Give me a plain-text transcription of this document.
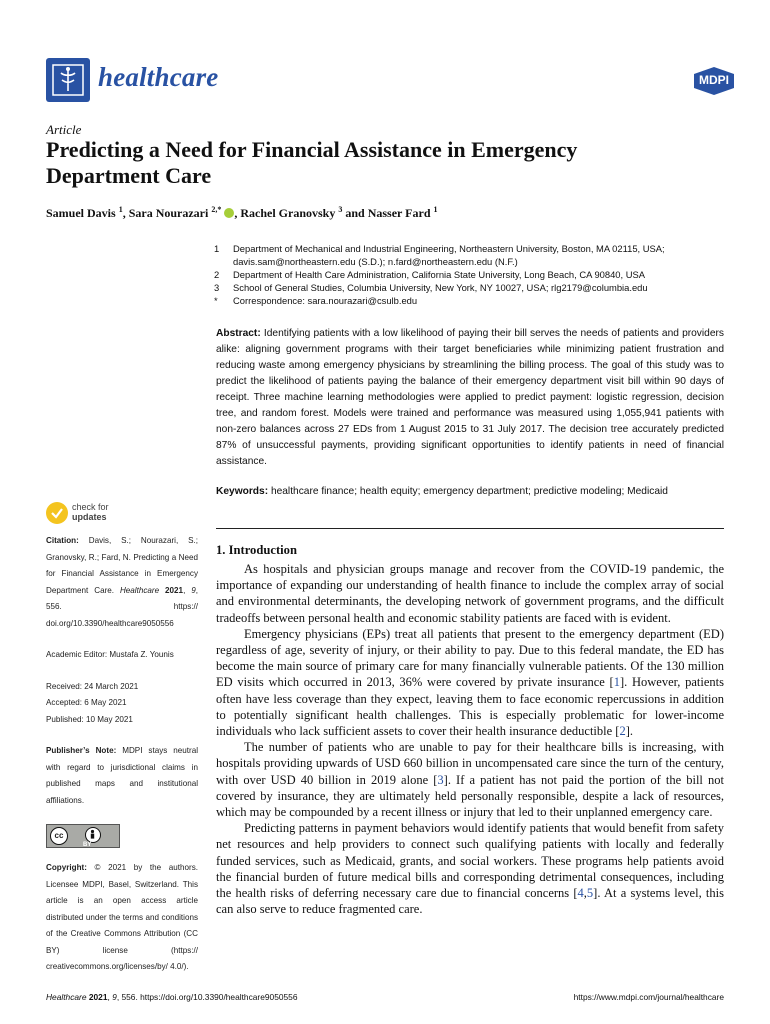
healthcare	MDPI
Article
Predicting a Need for Financial Assistance in Emergency Department Care
Samuel Davis $^1$, Sara Nourazari $^{2,*}$ , Rachel Granovsky $^3$ and Nasser Fard $^1$
1 Department of Mechanical and Industrial Engineering, Northeastern University, Boston, MA 02115, USA;
davis.sam@northeastern.edu (S.D.); n.fard@northeastern.edu (N.F.)
2 Department of Health Care Administration, California State University, Long Beach, CA 90840, USA
3 School of General Studies, Columbia University, New York, NY 10027, USA; rlg2179@columbia.edu
* Correspondence: sara.nourazari@csulb.edu
Abstract: Identifying patients with a low likelihood of paying their bill serves the needs of patients and providers alike: aligning government programs with their target beneficiaries while minimizing patient frustration and reducing waste among emergency physicians by streamlining the billing process. The goal of this study was to predict the likelihood of patients paying the balance of their emergency department visit bill within 90 days of receipt. Three machine learning methodologies were applied to predict payment: logistic regression, decision tree, and random forest. Models were trained and performance was measured using 1,055,941 patients with non-zero balances across 27 EDs from 1 August 2015 to 31 July 2017. The decision tree accurately predicted 87% of unsuccessful payments, providing significant opportunities to identify patients in need of financial assistance.
Keywords: healthcare finance; health equity; emergency department; predictive modeling; Medicaid
check for
updates
Citation: Davis, S.; Nourazari, S.; Granovsky, R.; Fard, N. Predicting a Need for Financial Assistance in Emergency Department Care. Healthcare 2021, 9, 556. https:// doi.org/10.3390/healthcare9050556
Academic Editor: Mustafa Z. Younis
Received: 24 March 2021
Accepted: 6 May 2021
Published: 10 May 2021
Publisher’s Note: MDPI stays neutral with regard to jurisdictional claims in published maps and institutional affiliations.
cc
BY
Copyright: © 2021 by the authors. Licensee MDPI, Basel, Switzerland. This article is an open access article distributed under the terms and conditions of the Creative Commons Attribution (CC BY) license (https:// creativecommons.org/licenses/by/ 4.0/).
1. Introduction

As hospitals and physician groups manage and recover from the COVID-19 pandemic, the importance of expanding our understanding of health finance to include the complex array of social and environmental determinants, the developing network of government programs, and the difficult tradeoffs between personal health and economic stability patients are faced with is evident.

Emergency physicians (EPs) treat all patients that present to the emergency department (ED) regardless of age, severity of injury, or their ability to pay. Due to this federal mandate, the ED has become the main source of primary care for many financially vulnerable patients. Of the 130 million ED visits which occurred in 2013, 36% were covered by private insurance [1]. However, patients often have less coverage than they expect, leaving them to face economic repercussions in addition to potentially significant health challenges. This is especially problematic for lower-income individuals who lack sufficient assets to cover their health insurance deductible [2].

The number of patients who are unable to pay for their healthcare bills is increasing, with hospitals providing upwards of USD 660 billion in uncompensated care since the turn of the century, with over USD 40 billion in 2019 alone [3]. If a patient has not paid the portion of the bill not covered by insurance, they are ultimately held personally responsible, despite a lack of resources, which may be compounded by a recent illness or injury that led to their unplanned emergency care.

Predicting patterns in payment behaviors would identify patients that would benefit from safety net resources and help providers to connect such qualifying patients with locally and federally funded services, such as Medicaid, grants, and social workers. These programs help patients avoid the financial burden of future medical bills and corresponding detrimental consequences, including the health risks of deferring necessary care due to financial concerns [4,5]. At a systems level, this can also serve to reduce fragmented care.

Healthcare 2021, 9, 556. https://doi.org/10.3390/healthcare9050556	https://www.mdpi.com/journal/healthcare
